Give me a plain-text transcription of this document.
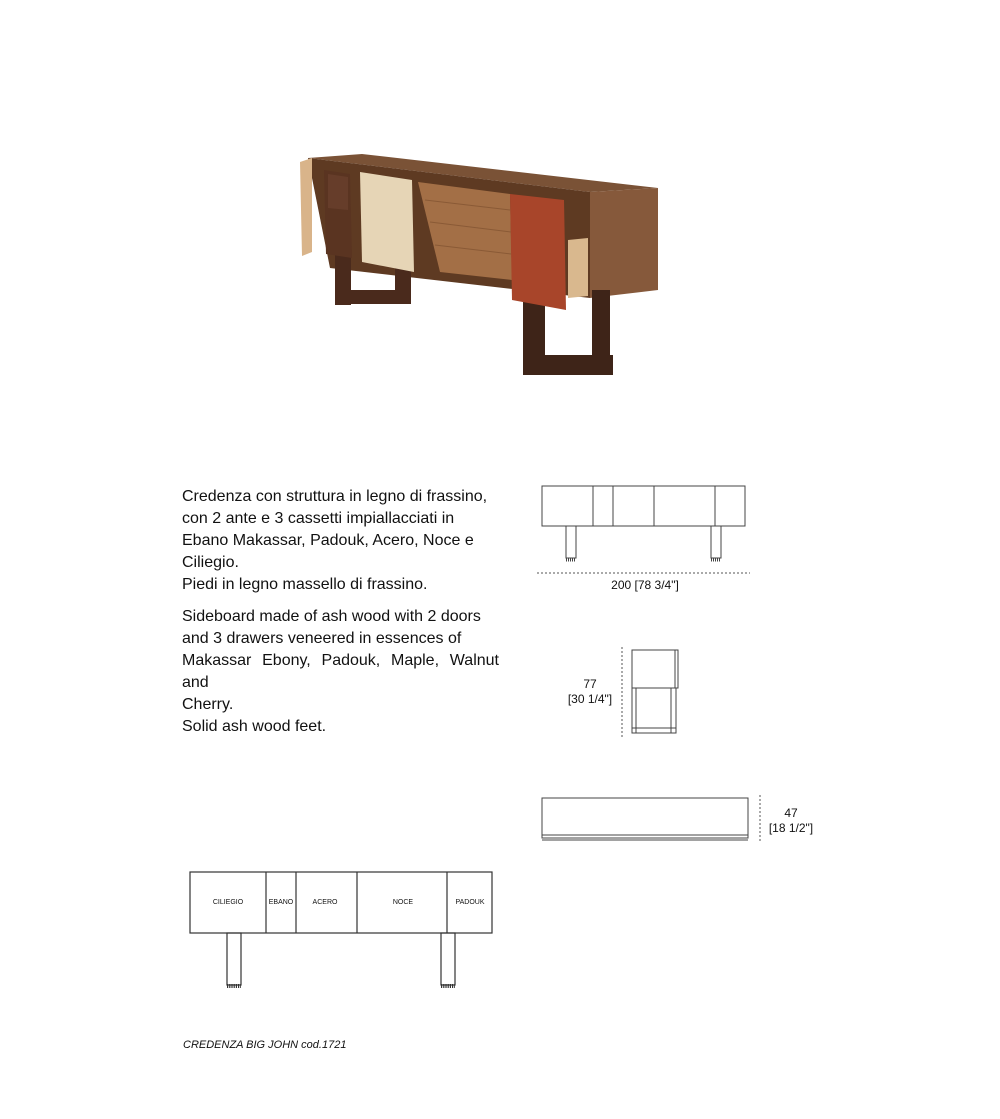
Credenza con struttura in legno di frassino,
con 2 ante e 3 cassetti impiallacciati in
Ebano Makassar, Padouk, Acero, Noce e
Ciliegio.
Piedi in legno massello di frassino.
Sideboard made of ash wood with 2 doors
and 3 drawers veneered in essences of
Makassar Ebony, Padouk, Maple, Walnut and
Cherry.
Solid ash wood feet.
200 [78 3/4"]
77
[30 1/4"]
47
[18 1/2"]
CILIEGIO	EBANO	ACERO	NOCE	PADOUK
CREDENZA BIG JOHN cod.1721
